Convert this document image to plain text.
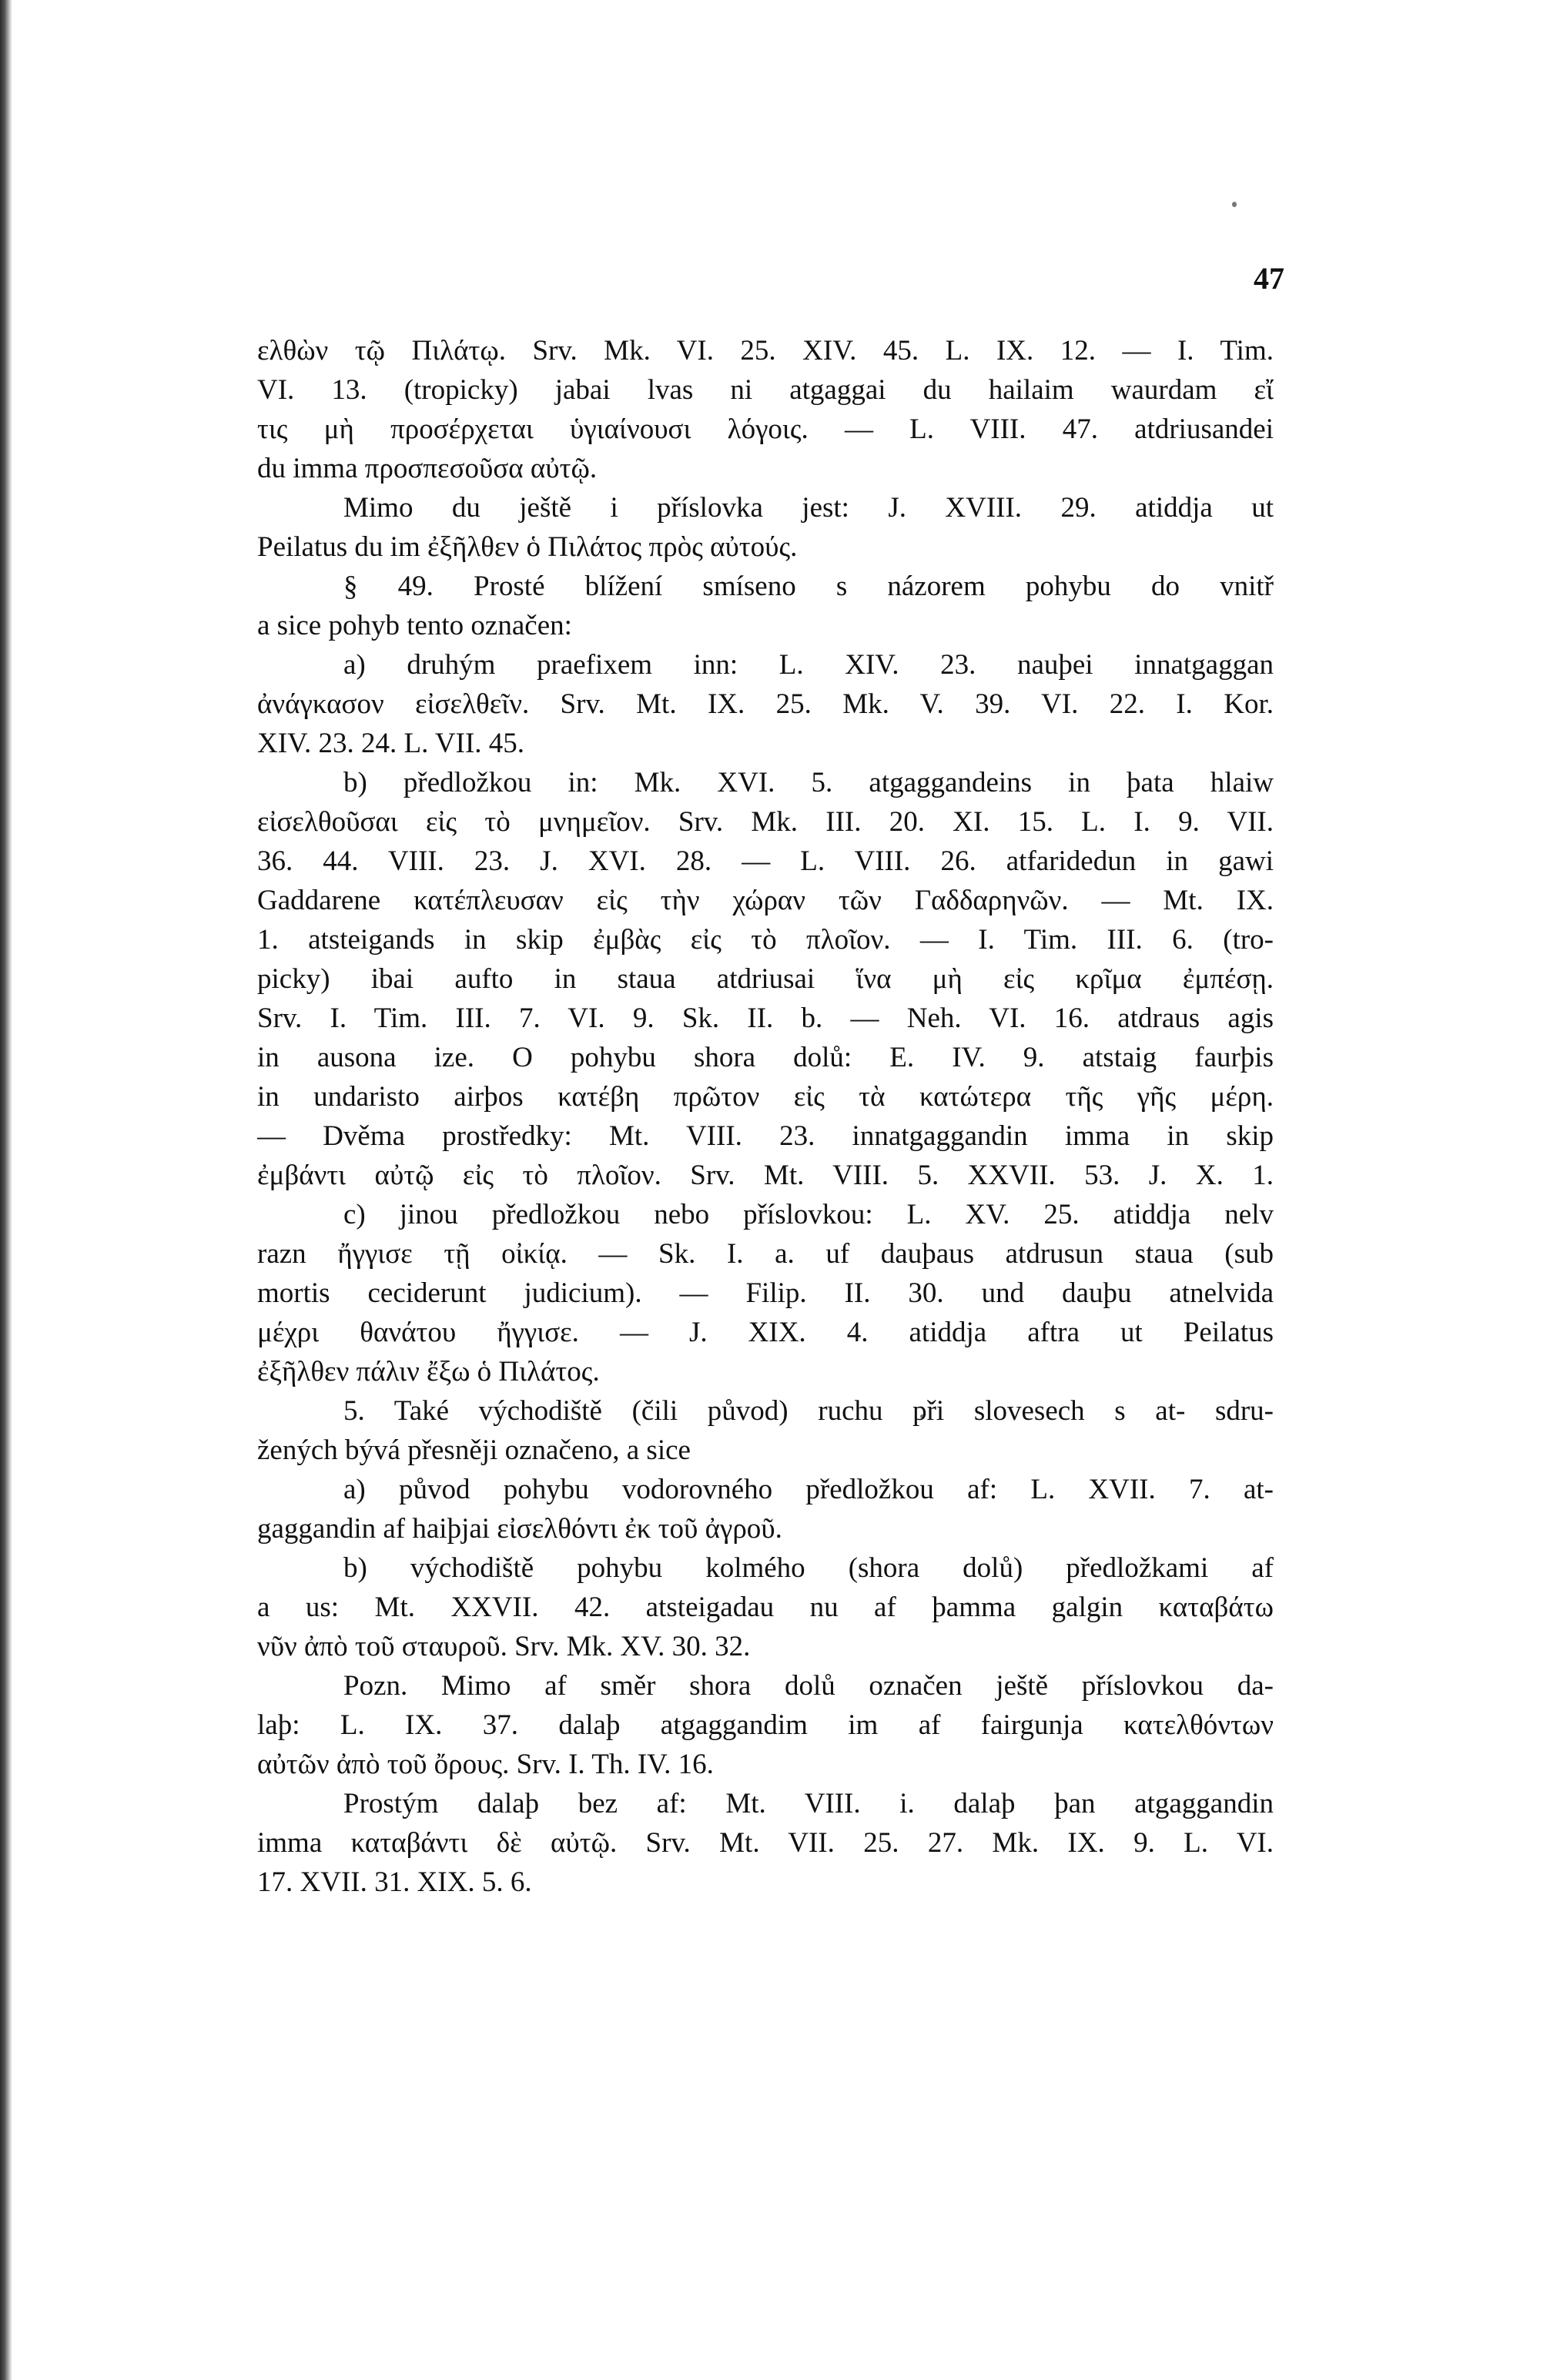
47
ελθὼν τῷ Πιλάτῳ. Srv. Mk. VI. 25. XIV. 45. L. IX. 12. — I. Tim.
VI. 13. (tropicky) jabai lvas ni atgaggai du hailaim waurdam εἴ
τις μὴ προσέρχεται ὑγιαίνουσι λόγοις. — L. VIII. 47. atdriusandei
du imma προσπεσοῦσα αὐτῷ.
Mimo du ještě i příslovka jest: J. XVIII. 29. atiddja ut
Peilatus du im ἐξῆλθεν ὁ Πιλάτος πρὸς αὐτούς.
§ 49. Prosté blížení smíseno s názorem pohybu do vnitř
a sice pohyb tento označen:
a) druhým praefixem inn: L. XIV. 23. nauþei innatgaggan
ἀνάγκασον εἰσελθεῖν. Srv. Mt. IX. 25. Mk. V. 39. VI. 22. I. Kor.
XIV. 23. 24. L. VII. 45.
b) předložkou in: Mk. XVI. 5. atgaggandeins in þata hlaiw
εἰσελθοῦσαι εἰς τὸ μνημεῖον. Srv. Mk. III. 20. XI. 15. L. I. 9. VII.
36. 44. VIII. 23. J. XVI. 28. — L. VIII. 26. atfaridedun in gawi
Gaddarene κατέπλευσαν εἰς τὴν χώραν τῶν Γαδδαρηνῶν. — Mt. IX.
1. atsteigands in skip ἐμβὰς εἰς τὸ πλοῖον. — I. Tim. III. 6. (tro-
picky) ibai aufto in staua atdriusai ἵνα μὴ εἰς κρῖμα ἐμπέσῃ.
Srv. I. Tim. III. 7. VI. 9. Sk. II. b. — Neh. VI. 16. atdraus agis
in ausona ize. O pohybu shora dolů: E. IV. 9. atstaig faurþis
in undaristo airþos κατέβη πρῶτον εἰς τὰ κατώτερα τῆς γῆς μέρη.
— Dvěma prostředky: Mt. VIII. 23. innatgaggandin imma in skip
ἐμβάντι αὐτῷ εἰς τὸ πλοῖον. Srv. Mt. VIII. 5. XXVII. 53. J. X. 1.
c) jinou předložkou nebo příslovkou: L. XV. 25. atiddja nelv
razn ἤγγισε τῇ οἰκίᾳ. — Sk. I. a. uf dauþaus atdrusun staua (sub
mortis ceciderunt judicium). — Filip. II. 30. und dauþu atnelvida
μέχρι θανάτου ἤγγισε. — J. XIX. 4. atiddja aftra ut Peilatus
ἐξῆλθεν πάλιν ἔξω ὁ Πιλάτος.
5. Také východiště (čili původ) ruchu při slovesech s at- sdru-
žených bývá přesněji označeno, a sice
a) původ pohybu vodorovného předložkou af: L. XVII. 7. at-
gaggandin af haiþjai εἰσελθόντι ἐκ τοῦ ἀγροῦ.
b) východiště pohybu kolmého (shora dolů) předložkami af
a us: Mt. XXVII. 42. atsteigadau nu af þamma galgin καταβάτω
νῦν ἀπὸ τοῦ σταυροῦ. Srv. Mk. XV. 30. 32.
Pozn. Mimo af směr shora dolů označen ještě příslovkou da-
laþ: L. IX. 37. dalaþ atgaggandim im af fairgunja κατελθόντων
αὐτῶν ἀπὸ τοῦ ὄρους. Srv. I. Th. IV. 16.
Prostým dalaþ bez af: Mt. VIII. i. dalaþ þan atgaggandin
imma καταβάντι δὲ αὐτῷ. Srv. Mt. VII. 25. 27. Mk. IX. 9. L. VI.
17. XVII. 31. XIX. 5. 6.
